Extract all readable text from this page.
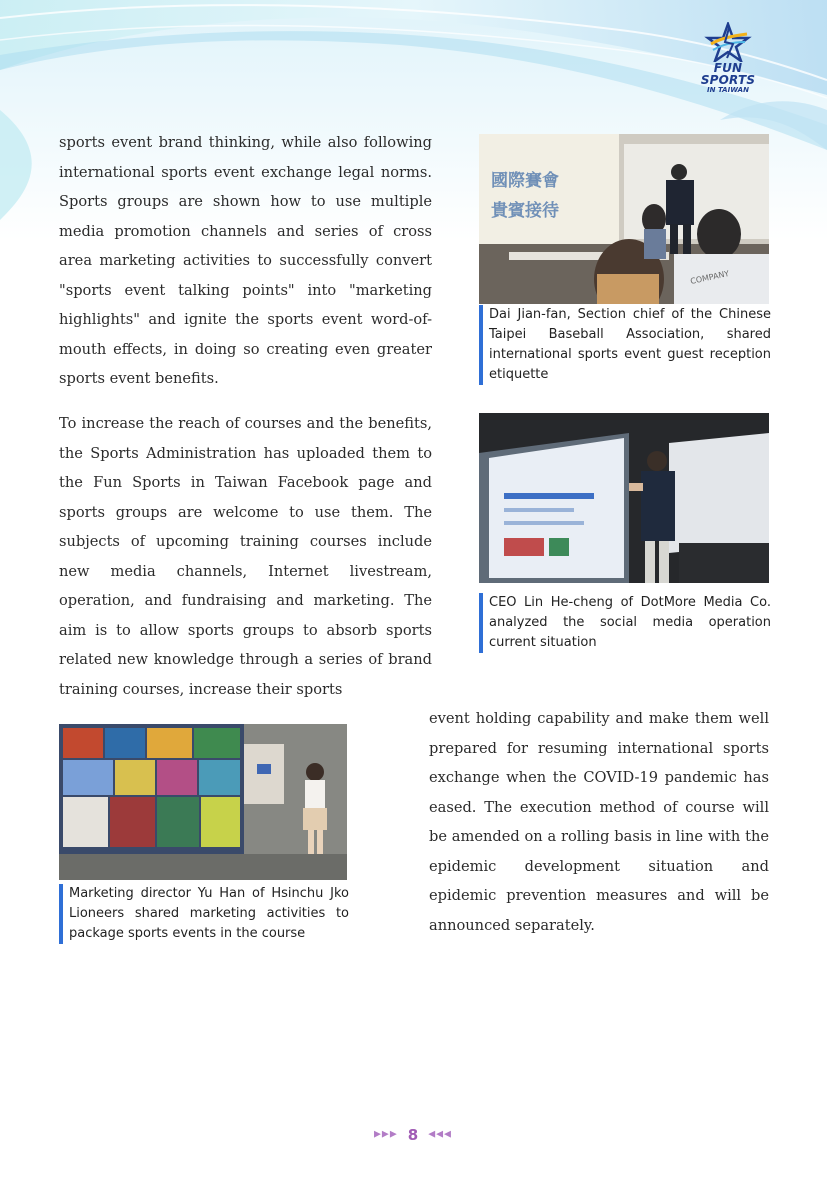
FUN SPORTS
IN TAIWAN

sports event brand thinking, while also following international sports event exchange legal norms. Sports groups are shown how to use multiple media promotion channels and series of cross area marketing activities to successfully convert "sports event talking points" into "marketing highlights" and ignite the sports event word-of-mouth effects, in doing so creating even greater sports event benefits.

To increase the reach of courses and the benefits, the Sports Administration has uploaded them to the Fun Sports in Taiwan Facebook page and sports groups are welcome to use them. The subjects of upcoming training courses include new media channels, Internet livestream, operation, and fundraising and marketing. The aim is to allow sports groups to absorb sports related new knowledge through a series of brand training courses, increase their sports

event holding capability and make them well prepared for resuming international sports exchange when the COVID-19 pandemic has eased. The execution method of course will be amended on a rolling basis in line with the epidemic development situation and epidemic prevention measures and will be announced separately.

國際賽會
貴賓接待
COMPANY
Dai Jian-fan, Section chief of the Chinese Taipei Baseball Association, shared international sports event guest reception etiquette
CEO Lin He-cheng of DotMore Media Co. analyzed the social media operation current situation
Marketing director Yu Han of Hsinchu Jko Lioneers shared marketing activities to package sports events in the course
▶▶▶ 8 ◀◀◀
